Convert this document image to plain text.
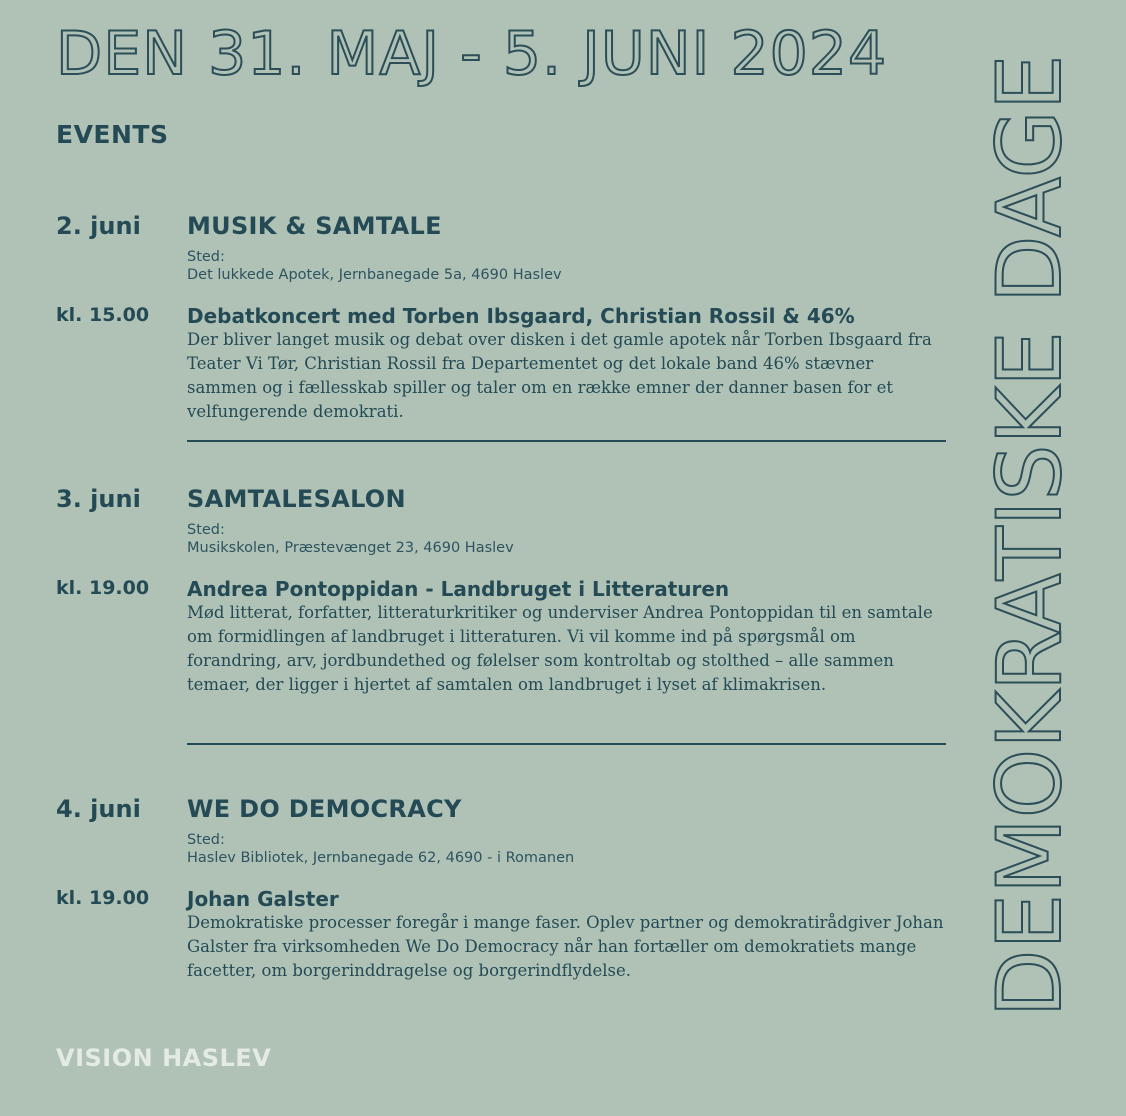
DEN 31. MAJ - 5. JUNI 2024
DEMOKRATISKE DAGE
EVENTS
2. juni MUSIK & SAMTALE
Sted:
Det lukkede Apotek, Jernbanegade 5a, 4690 Haslev
kl. 15.00 Debatkoncert med Torben Ibsgaard, Christian Rossil & 46%
Der bliver langet musik og debat over disken i det gamle apotek når Torben Ibsgaard fra Teater Vi Tør, Christian Rossil fra Departementet og det lokale band 46% stævner sammen og i fællesskab spiller og taler om en række emner der danner basen for et velfungerende demokrati.
3. juni SAMTALESALON
Sted:
Musikskolen, Præstevænget 23, 4690 Haslev
kl. 19.00 Andrea Pontoppidan - Landbruget i Litteraturen
Mød litterat, forfatter, litteraturkritiker og underviser Andrea Pontoppidan til en samtale om formidlingen af landbruget i litteraturen. Vi vil komme ind på spørgsmål om forandring, arv, jordbundethed og følelser som kontroltab og stolthed – alle sammen temaer, der ligger i hjertet af samtalen om landbruget i lyset af klimakrisen.
4. juni WE DO DEMOCRACY
Sted:
Haslev Bibliotek, Jernbanegade 62, 4690 - i Romanen
kl. 19.00 Johan Galster
Demokratiske processer foregår i mange faser. Oplev partner og demokratirådgiver Johan Galster fra virksomheden We Do Democracy når han fortæller om demokratiets mange facetter, om borgerinddragelse og borgerindflydelse.
VISION HASLEV
